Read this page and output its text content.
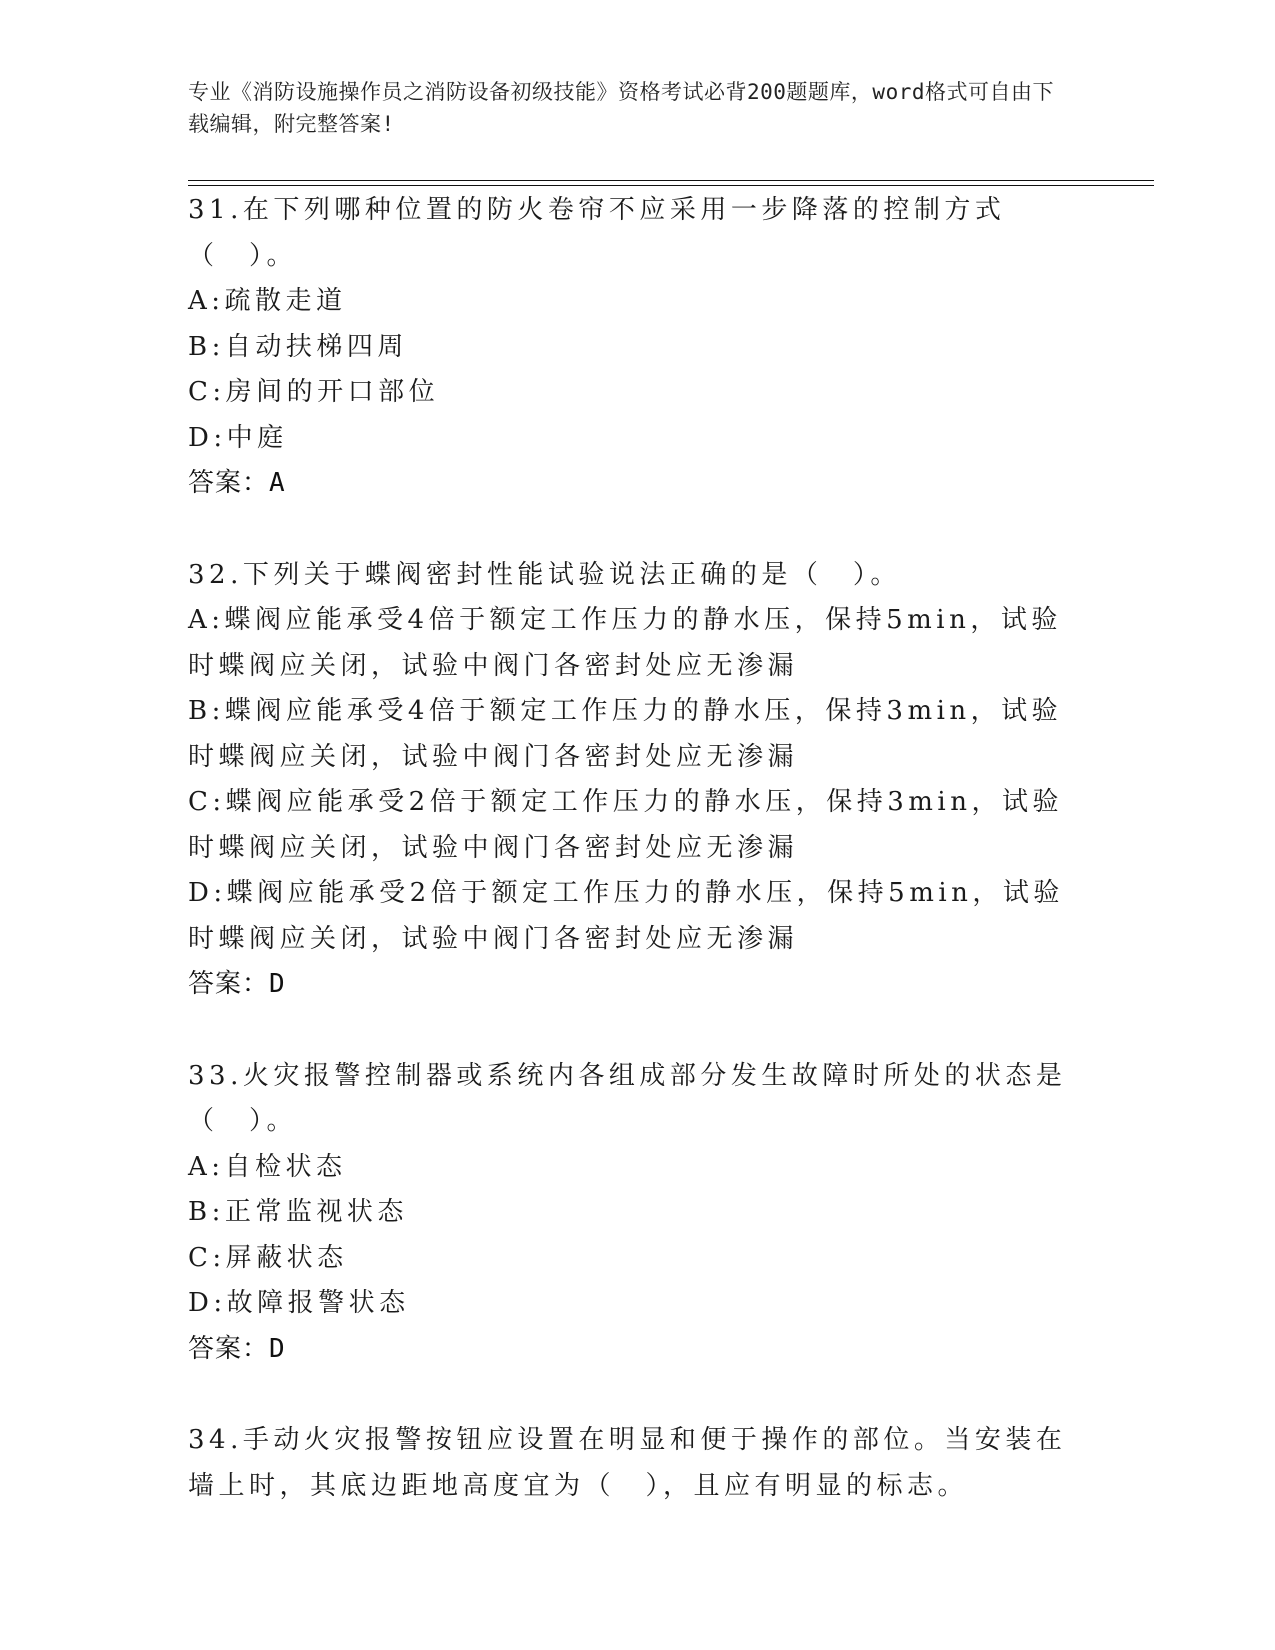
专业《消防设施操作员之消防设备初级技能》资格考试必背200题题库，word格式可自由下载编辑，附完整答案!
31.在下列哪种位置的防火卷帘不应采用一步降落的控制方式（　）。
A:疏散走道
B:自动扶梯四周
C:房间的开口部位
D:中庭
答案：A
32.下列关于蝶阀密封性能试验说法正确的是（　）。
A:蝶阀应能承受4倍于额定工作压力的静水压，保持5min，试验时蝶阀应关闭，试验中阀门各密封处应无渗漏
B:蝶阀应能承受4倍于额定工作压力的静水压，保持3min，试验时蝶阀应关闭，试验中阀门各密封处应无渗漏
C:蝶阀应能承受2倍于额定工作压力的静水压，保持3min，试验时蝶阀应关闭，试验中阀门各密封处应无渗漏
D:蝶阀应能承受2倍于额定工作压力的静水压，保持5min，试验时蝶阀应关闭，试验中阀门各密封处应无渗漏
答案：D
33.火灾报警控制器或系统内各组成部分发生故障时所处的状态是（　）。
A:自检状态
B:正常监视状态
C:屏蔽状态
D:故障报警状态
答案：D
34.手动火灾报警按钮应设置在明显和便于操作的部位。当安装在墙上时，其底边距地高度宜为（　），且应有明显的标志。
